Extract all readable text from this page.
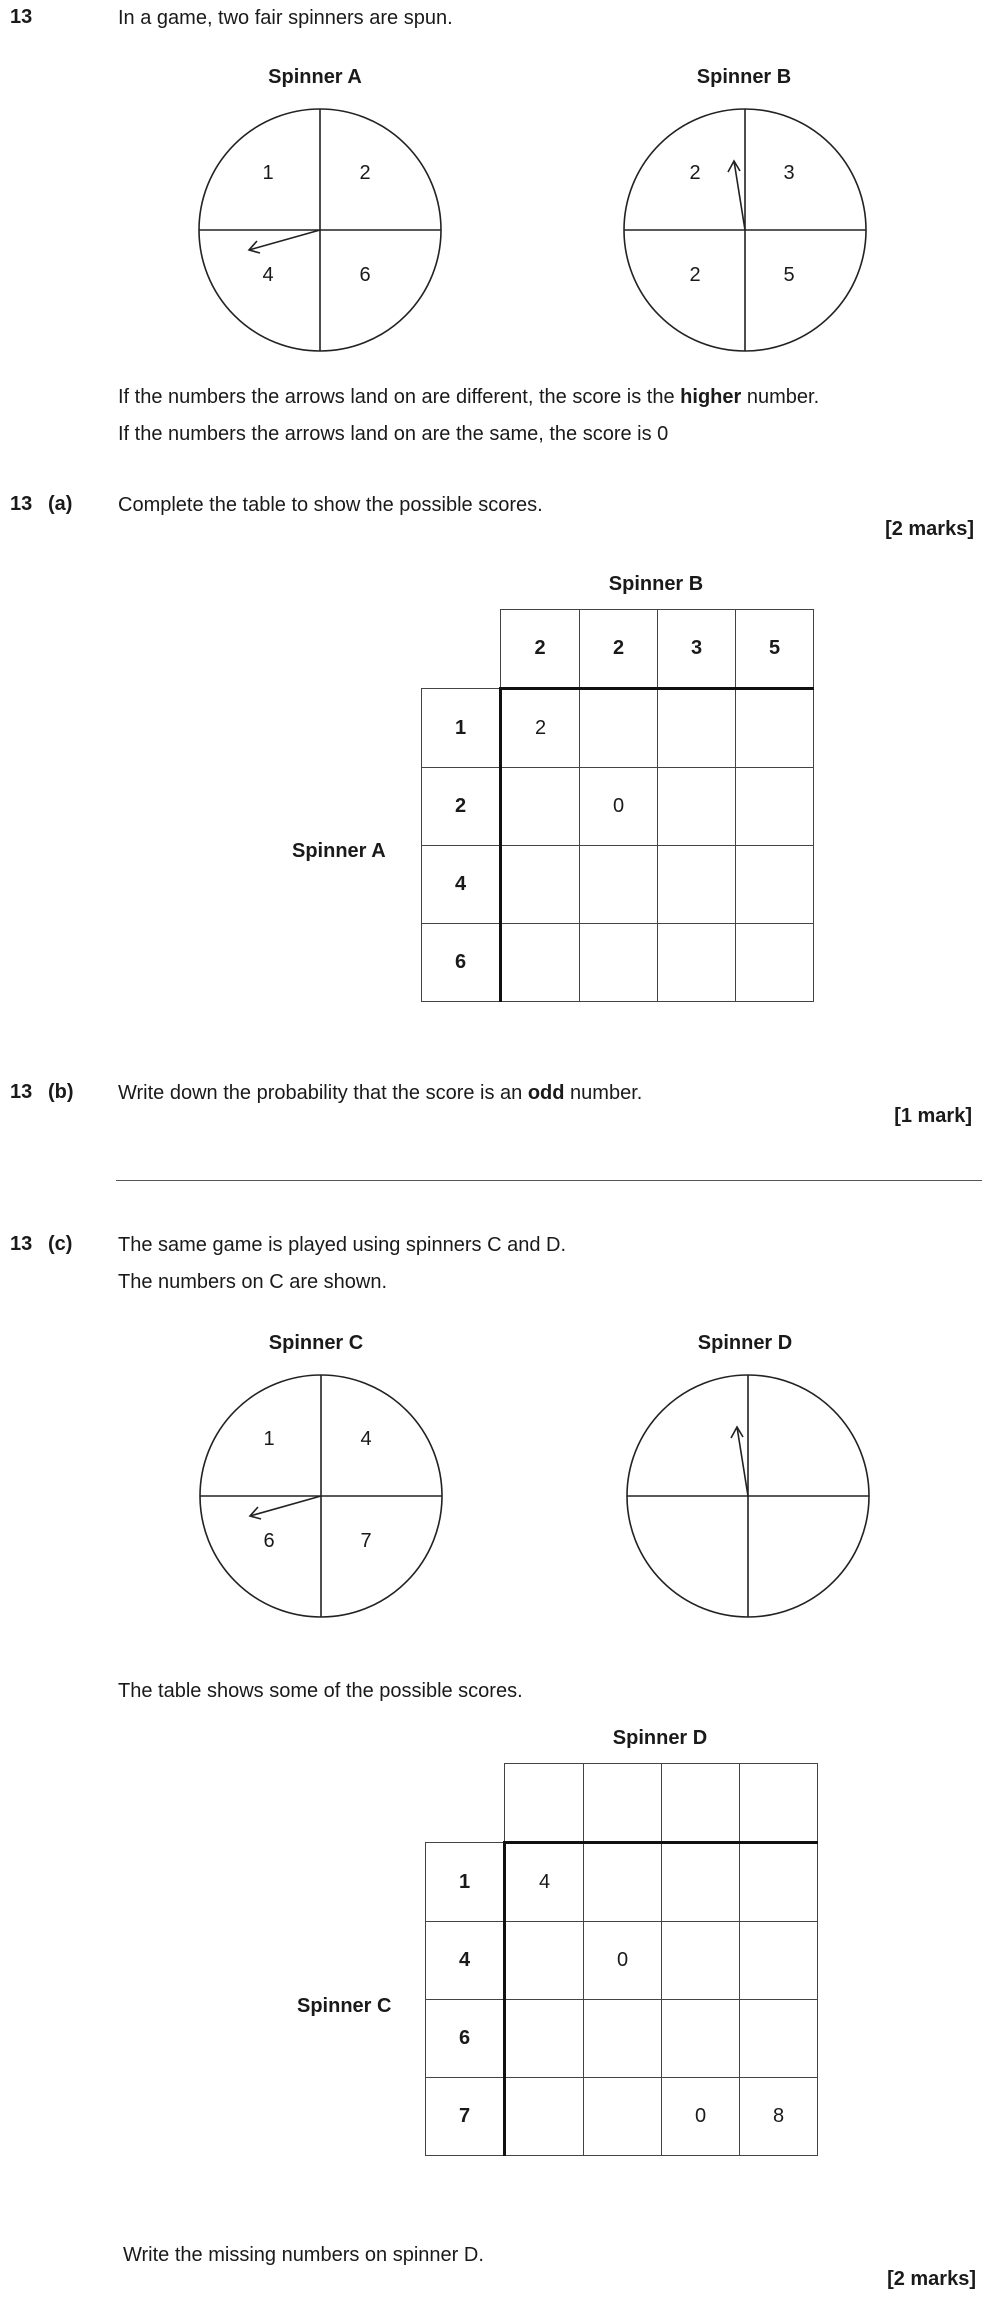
13	In a game, two fair spinners are spun.
Spinner A
1	2
4	6
Spinner B
2	3
2	5
If the numbers the arrows land on are different, the score is the higher number.
If the numbers the arrows land on are the same, the score is 0
13 (a) Complete the table to show the possible scores.
[2 marks]
Spinner B
Spinner A
	2	2	3	5
1	2			
2		0		
4				
6				
13 (b) Write down the probability that the score is an odd number.
[1 mark]
13 (c) The same game is played using spinners C and D.
The numbers on C are shown.
Spinner C
1	4
6	7
Spinner D
The table shows some of the possible scores.
Spinner D
Spinner C

1	4			
4		0		
6				
7			0	8
Write the missing numbers on spinner D.
[2 marks]
